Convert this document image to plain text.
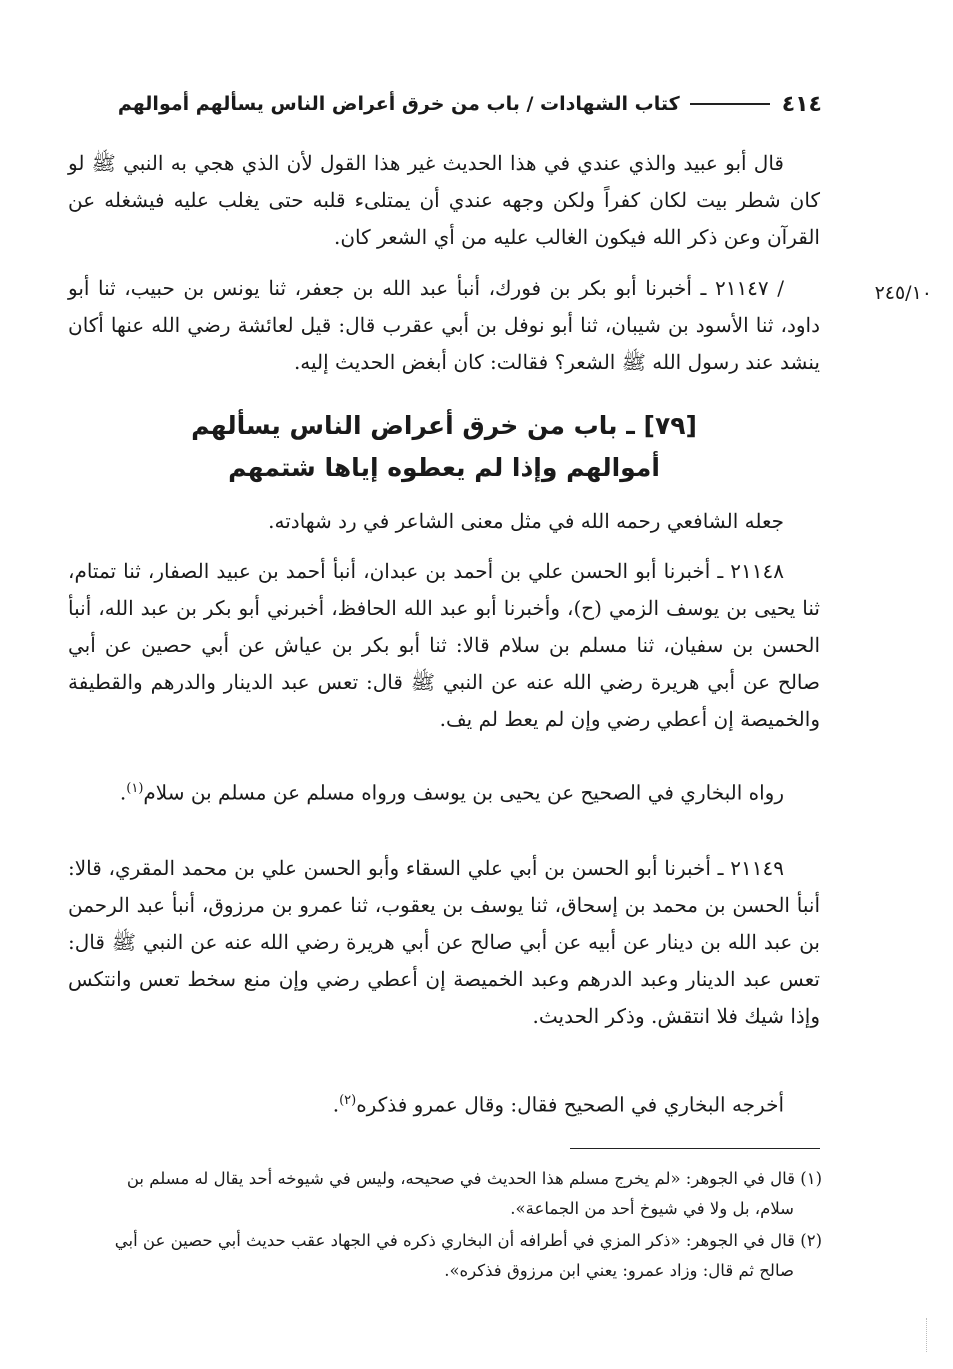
٤١٤
كتاب الشهادات / باب من خرق أعراض الناس يسألهم أموالهم
قال أبو عبيد والذي عندي في هذا الحديث غير هذا القول لأن الذي هجي به النبي ﷺ لو كان شطر بيت لكان كفراً ولكن وجهه عندي أن يمتلىء قلبه حتى يغلب عليه فيشغله عن القرآن وعن ذكر الله فيكون الغالب عليه من أي الشعر كان.
٢٤٥/١٠
/ ٢١١٤٧ ـ أخبرنا أبو بكر بن فورك، أنبأ عبد الله بن جعفر، ثنا يونس بن حبيب، ثنا أبو داود، ثنا الأسود بن شيبان، ثنا أبو نوفل بن أبي عقرب قال: قيل لعائشة رضي الله عنها أكان ينشد عند رسول الله ﷺ الشعر؟ فقالت: كان أبغض الحديث إليه.
[٧٩] ـ باب من خرق أعراض الناس يسألهم
أموالهم وإذا لم يعطوه إياها شتمهم
جعله الشافعي رحمه الله في مثل معنى الشاعر في رد شهادته.
٢١١٤٨ ـ أخبرنا أبو الحسن علي بن أحمد بن عبدان، أنبأ أحمد بن عبيد الصفار، ثنا تمتام، ثنا يحيى بن يوسف الزمي (ح)، وأخبرنا أبو عبد الله الحافظ، أخبرني أبو بكر بن عبد الله، أنبأ الحسن بن سفيان، ثنا مسلم بن سلام قالا: ثنا أبو بكر بن عياش عن أبي حصين عن أبي صالح عن أبي هريرة رضي الله عنه عن النبي ﷺ قال: تعس عبد الدينار والدرهم والقطيفة والخميصة إن أعطي رضي وإن لم يعط لم يف.
رواه البخاري في الصحيح عن يحيى بن يوسف ورواه مسلم عن مسلم بن سلام$^{(١)}$.
٢١١٤٩ ـ أخبرنا أبو الحسن بن أبي علي السقاء وأبو الحسن علي بن محمد المقري، قالا: أنبأ الحسن بن محمد بن إسحاق، ثنا يوسف بن يعقوب، ثنا عمرو بن مرزوق، أنبأ عبد الرحمن بن عبد الله بن دينار عن أبيه عن أبي صالح عن أبي هريرة رضي الله عنه عن النبي ﷺ قال: تعس عبد الدينار وعبد الدرهم وعبد الخميصة إن أعطي رضي وإن منع سخط تعس وانتكس وإذا شيك فلا انتقش. وذكر الحديث.
أخرجه البخاري في الصحيح فقال: وقال عمرو فذكره$^{(٢)}$.
(١) قال في الجوهر: «لم يخرج مسلم هذا الحديث في صحيحه، وليس في شيوخه أحد يقال له مسلم بن
سلام، بل ولا في شيوخ أحد من الجماعة».
(٢) قال في الجوهر: «ذكر المزي في أطرافه أن البخاري ذكره في الجهاد عقب حديث أبي حصين عن أبي
صالح ثم قال: وزاد عمرو: يعني ابن مرزوق فذكره».
